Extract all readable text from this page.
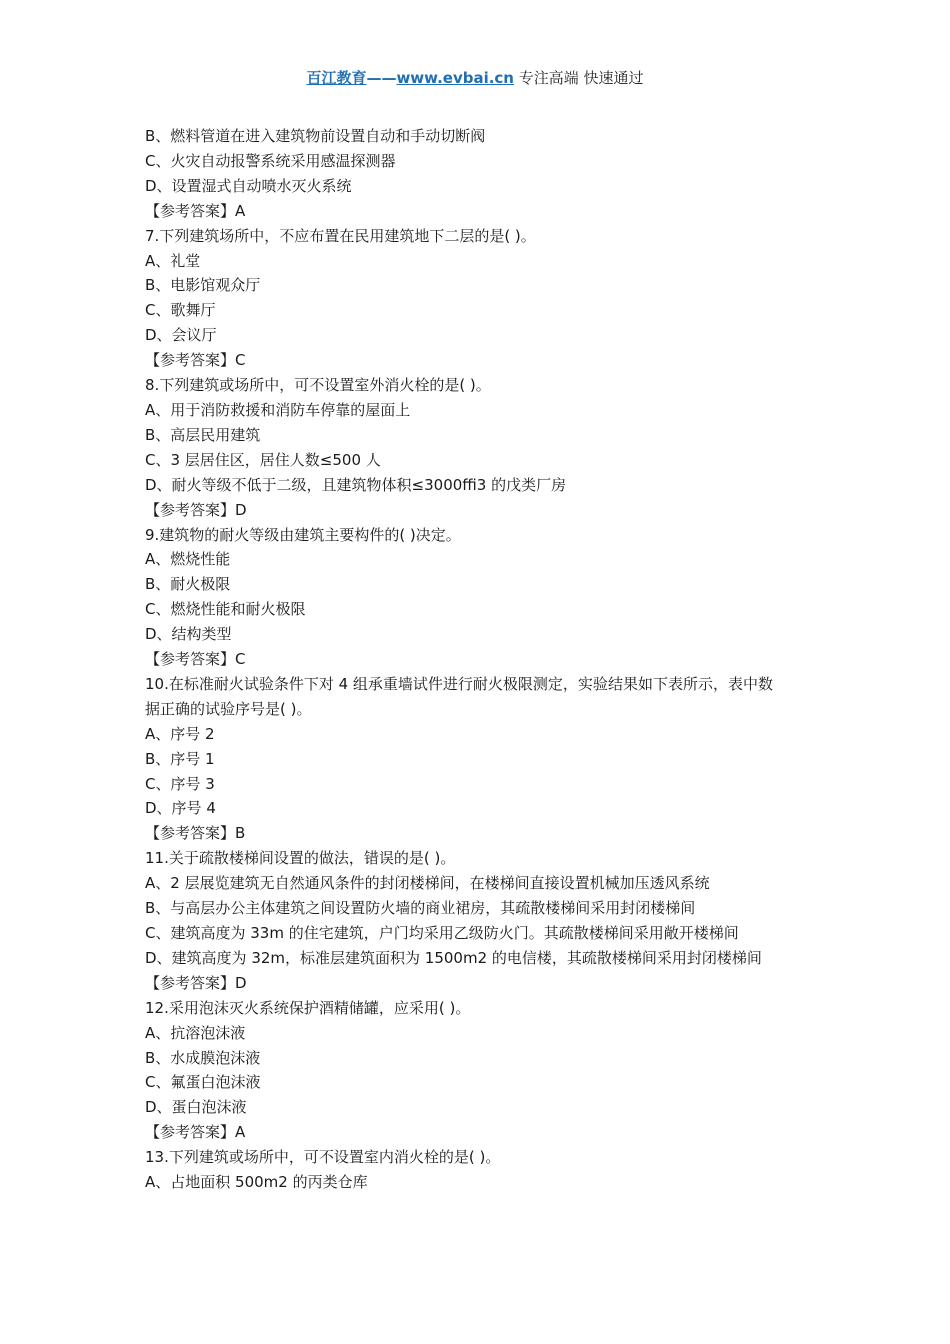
百江教育——www.evbai.cn 专注高端 快速通过
B、燃料管道在进入建筑物前设置自动和手动切断阀
C、火灾自动报警系统采用感温探测器
D、设置湿式自动喷水灭火系统
【参考答案】A
7.下列建筑场所中，不应布置在民用建筑地下二层的是( )。
A、礼堂
B、电影馆观众厅
C、歌舞厅
D、会议厅
【参考答案】C
8.下列建筑或场所中，可不设置室外消火栓的是( )。
A、用于消防救援和消防车停靠的屋面上
B、高层民用建筑
C、3 层居住区，居住人数≤500 人
D、耐火等级不低于二级，且建筑物体积≤3000ffi3 的戊类厂房
【参考答案】D
9.建筑物的耐火等级由建筑主要构件的( )决定。
A、燃烧性能
B、耐火极限
C、燃烧性能和耐火极限
D、结构类型
【参考答案】C
10.在标准耐火试验条件下对 4 组承重墙试件进行耐火极限测定，实验结果如下表所示，表中数
据正确的试验序号是( )。
A、序号 2
B、序号 1
C、序号 3
D、序号 4
【参考答案】B
11.关于疏散楼梯间设置的做法，错误的是( )。
A、2 层展览建筑无自然通风条件的封闭楼梯间，在楼梯间直接设置机械加压透风系统
B、与高层办公主体建筑之间设置防火墙的商业裙房，其疏散楼梯间采用封闭楼梯间
C、建筑高度为 33m 的住宅建筑，户门均采用乙级防火门。其疏散楼梯间采用敞开楼梯间
D、建筑高度为 32m，标准层建筑面积为 1500m2 的电信楼，其疏散楼梯间采用封闭楼梯间
【参考答案】D
12.采用泡沫灭火系统保护酒精储罐，应采用( )。
A、抗溶泡沫液
B、水成膜泡沫液
C、氟蛋白泡沫液
D、蛋白泡沫液
【参考答案】A
13.下列建筑或场所中，可不设置室内消火栓的是( )。
A、占地面积 500m2 的丙类仓库
